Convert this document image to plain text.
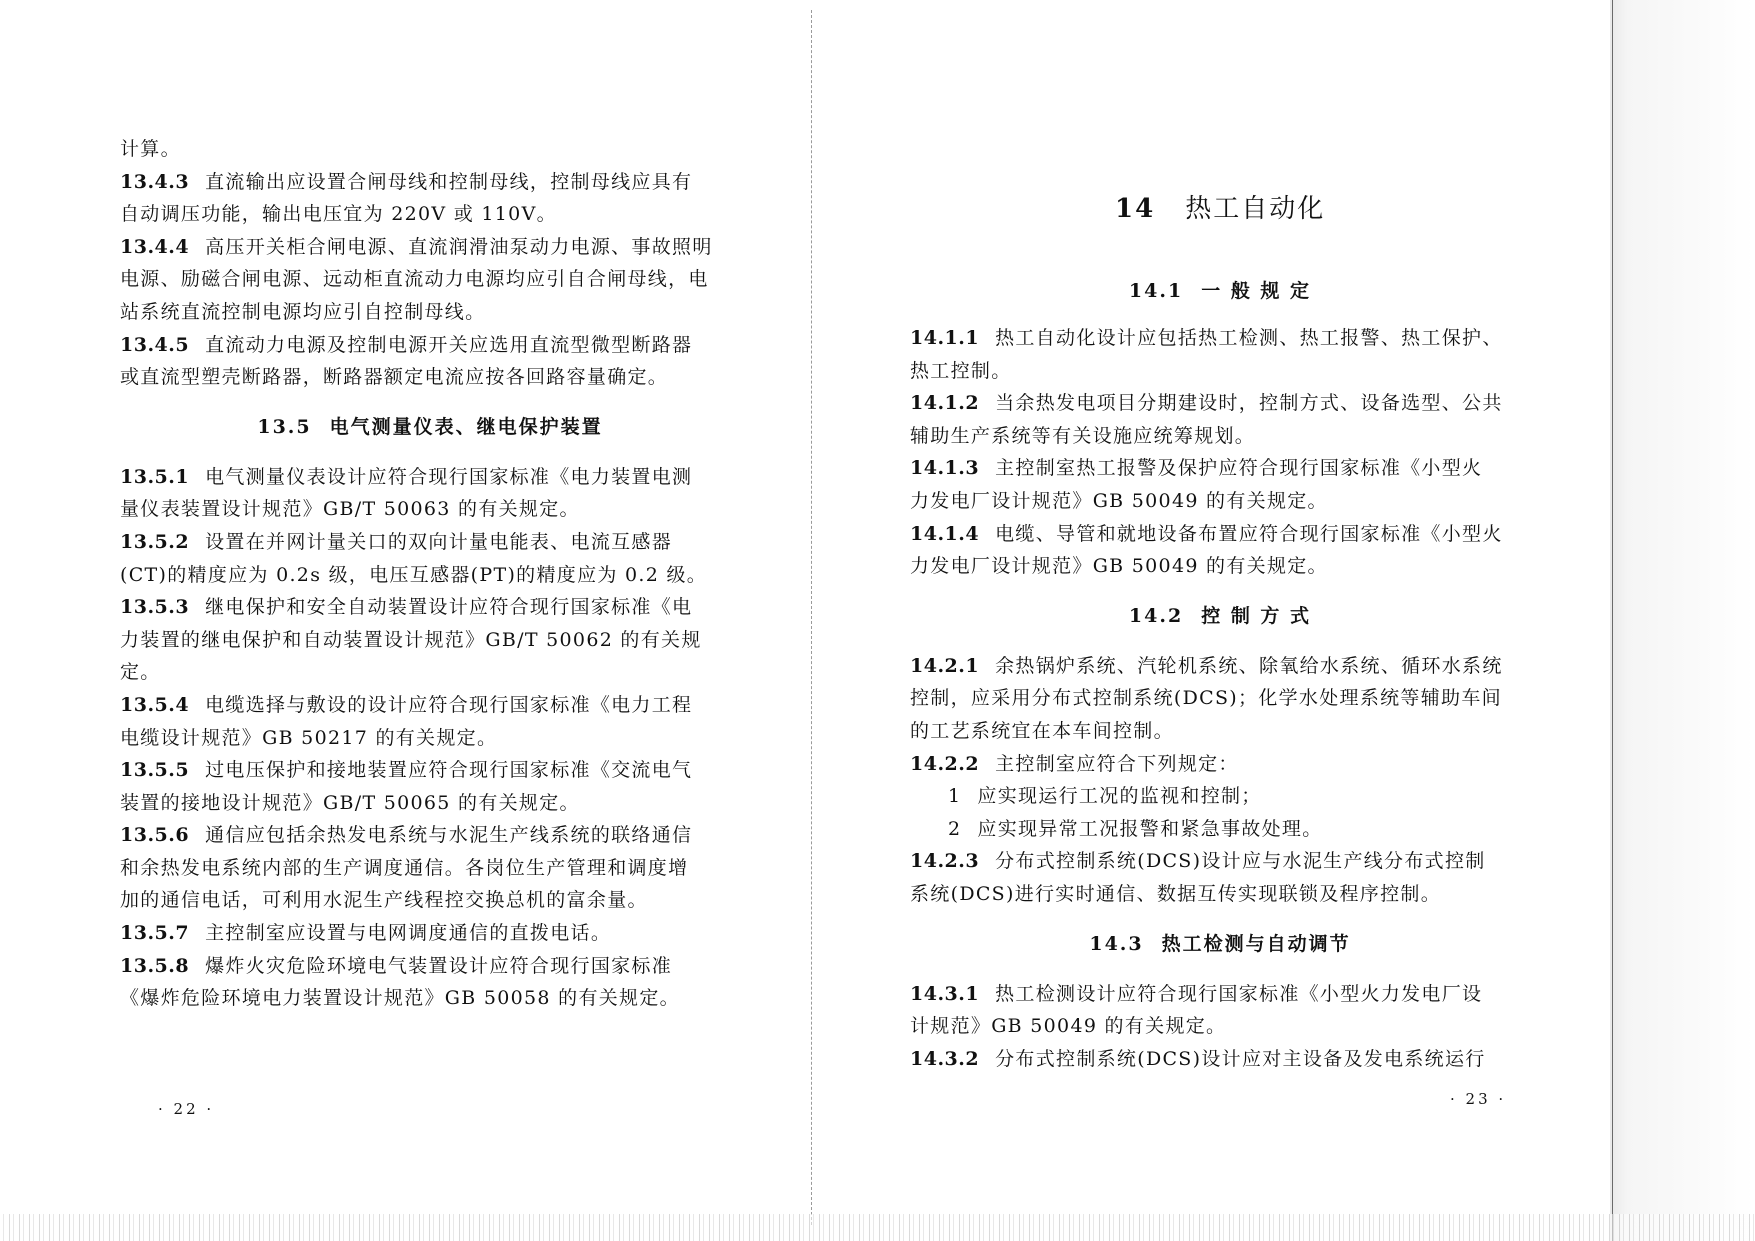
计算。
13.4.3 直流输出应设置合闸母线和控制母线，控制母线应具有
自动调压功能，输出电压宜为 220V 或 110V。
13.4.4 高压开关柜合闸电源、直流润滑油泵动力电源、事故照明
电源、励磁合闸电源、远动柜直流动力电源均应引自合闸母线，电
站系统直流控制电源均应引自控制母线。
13.4.5 直流动力电源及控制电源开关应选用直流型微型断路器
或直流型塑壳断路器，断路器额定电流应按各回路容量确定。
13.5 电气测量仪表、继电保护装置
13.5.1 电气测量仪表设计应符合现行国家标准《电力装置电测
量仪表装置设计规范》GB/T 50063 的有关规定。
13.5.2 设置在并网计量关口的双向计量电能表、电流互感器
(CT)的精度应为 0.2s 级，电压互感器(PT)的精度应为 0.2 级。
13.5.3 继电保护和安全自动装置设计应符合现行国家标准《电
力装置的继电保护和自动装置设计规范》GB/T 50062 的有关规
定。
13.5.4 电缆选择与敷设的设计应符合现行国家标准《电力工程
电缆设计规范》GB 50217 的有关规定。
13.5.5 过电压保护和接地装置应符合现行国家标准《交流电气
装置的接地设计规范》GB/T 50065 的有关规定。
13.5.6 通信应包括余热发电系统与水泥生产线系统的联络通信
和余热发电系统内部的生产调度通信。各岗位生产管理和调度增
加的通信电话，可利用水泥生产线程控交换总机的富余量。
13.5.7 主控制室应设置与电网调度通信的直拨电话。
13.5.8 爆炸火灾危险环境电气装置设计应符合现行国家标准
《爆炸危险环境电力装置设计规范》GB 50058 的有关规定。
· 22 ·
14 热工自动化
14.1 一 般 规 定
14.1.1 热工自动化设计应包括热工检测、热工报警、热工保护、
热工控制。
14.1.2 当余热发电项目分期建设时，控制方式、设备选型、公共
辅助生产系统等有关设施应统筹规划。
14.1.3 主控制室热工报警及保护应符合现行国家标准《小型火
力发电厂设计规范》GB 50049 的有关规定。
14.1.4 电缆、导管和就地设备布置应符合现行国家标准《小型火
力发电厂设计规范》GB 50049 的有关规定。
14.2 控 制 方 式
14.2.1 余热锅炉系统、汽轮机系统、除氧给水系统、循环水系统
控制，应采用分布式控制系统(DCS)；化学水处理系统等辅助车间
的工艺系统宜在本车间控制。
14.2.2 主控制室应符合下列规定：
1 应实现运行工况的监视和控制；
2 应实现异常工况报警和紧急事故处理。
14.2.3 分布式控制系统(DCS)设计应与水泥生产线分布式控制
系统(DCS)进行实时通信、数据互传实现联锁及程序控制。
14.3 热工检测与自动调节
14.3.1 热工检测设计应符合现行国家标准《小型火力发电厂设
计规范》GB 50049 的有关规定。
14.3.2 分布式控制系统(DCS)设计应对主设备及发电系统运行
· 23 ·
